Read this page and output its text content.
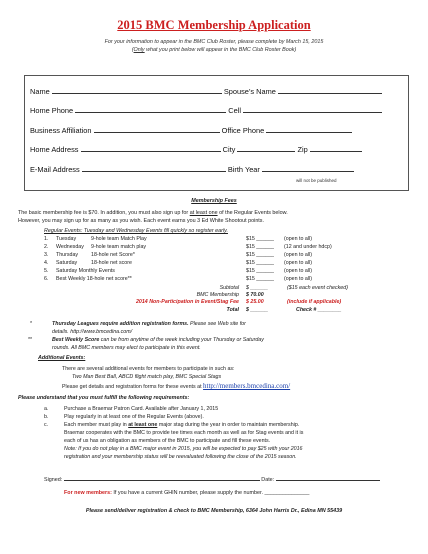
2015 BMC Membership Application
For your information to appear in the BMC Club Roster, please complete by March 15, 2015
(Only what you print below will appear in the BMC Club Roster Book)
Name	Spouse’s Name
Home Phone	Cell
Business Affiliation	Office Phone
Home Address	City	Zip
E-Mail Address	Birth Year
will not be published
Membership Fees
The basic membership fee is $70. In addition, you must also sign up for at least one of the Regular Events below.
However, you may sign up for as many as you wish. Each event earns you 3 Ed White Shootout points.
Regular Events: Tuesday and Wednesday Events fill quickly so register early.
1. Tuesday	9-hole team Match Play	$15 ______ (open to all)
2. Wednesday 9-hole team match play	$15 ______ (12 and under hdcp)
3. Thursday 18-hole net Score*	$15 ______ (open to all)
4. Saturday	18-hole net score	$15 ______ (open to all)
5. Saturday Monthly Events	$15 ______ (open to all)
6. Best Weekly 18-hole net score**	$15 ______ (open to all)
Subtotal $ ______	($15 each event checked)
BMC Membership $ 70.00
2014 Non-Participation in Event/Stag Fee $ 25.00	(include if applicable)
Total $ ______	Check # ________
*	Thursday Leagues require addition registration forms. Please see Web site for
details. http://www.bmcedina.com/
**	Best Weekly Score can be from anytime of the week including your Thursday or Saturday
rounds. All BMC members may elect to participate in this event.
Additional Events:
There are several additional events for members to participate in such as:
Two Man Best Ball, ABCD flight match play, BMC Special Stags
Please get details and registration forms for these events at http://members.bmcedina.com/
Please understand that you must fulfill the following requirements:
a.	Purchase a Braemar Patron Card. Available after January 1, 2015
b.	Play regularly in at least one of the Regular Events (above).
c.	Each member must play in at least one major stag during the year in order to maintain membership.
Braemar cooperates with the BMC to provide tee times each month as well as for Stag events and it is
each of us has an obligation as members of the BMC to participate and fill these events.
Note: If you do not play in a BMC major event in 2015, you will be expected to pay $25 with your 2016
registration and your membership status will be reevaluated following the close of the 2015 season.
Signed:	Date:
For new members: If you have a current GHIN number, please supply the number. _______________
Please send/deliver registration & check to BMC Membership, 6364 John Harris Dr., Edina MN 55439
